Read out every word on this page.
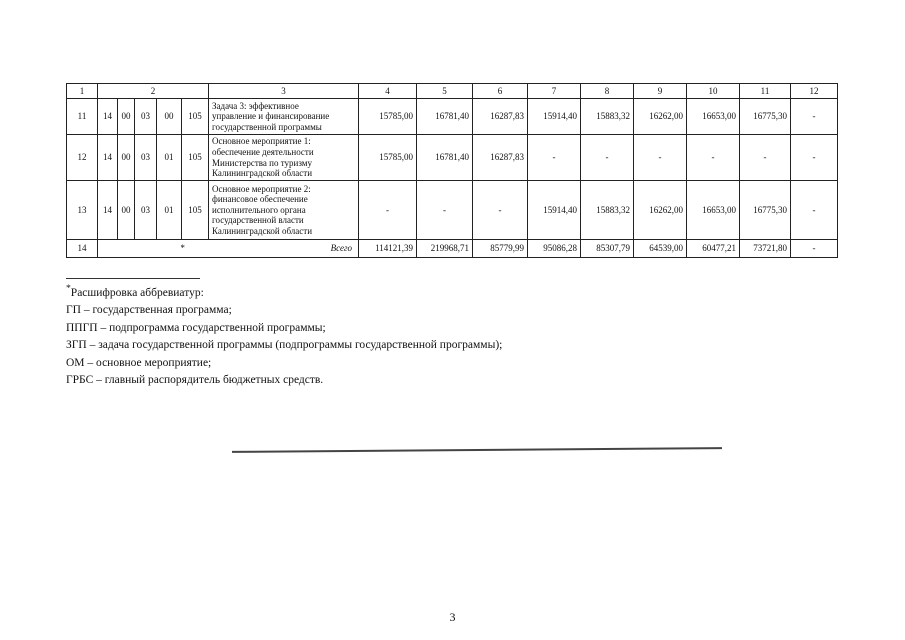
1	2					3	4	5	6	7	8	9	10	11	12
11	14	00	03	00	105	Задача 3: эффективное
управление и финансирование
государственной программы	15785,00	16781,40	16287,83	15914,40	15883,32	16262,00	16653,00	16775,30	-
12	14	00	03	01	105	Основное мероприятие 1:
обеспечение деятельности
Министерства по туризму
Калининградской области	15785,00	16781,40	16287,83	-	-	-	-	-	-
13	14	00	03	01	105	Основное мероприятие 2:
финансовое обеспечение
исполнительного органа
государственной власти
Калининградской области	-	-	-	15914,40	15883,32	16262,00	16653,00	16775,30	-
14	* Всего						114121,39	219968,71	85779,99	95086,28	85307,79	64539,00	60477,21	73721,80	-

*Расшифровка аббревиатур:

ГП – государственная программа;

ППГП – подпрограмма государственной программы;

ЗГП – задача государственной программы (подпрограммы государственной программы);

ОМ – основное мероприятие;

ГРБС – главный распорядитель бюджетных средств.

3
